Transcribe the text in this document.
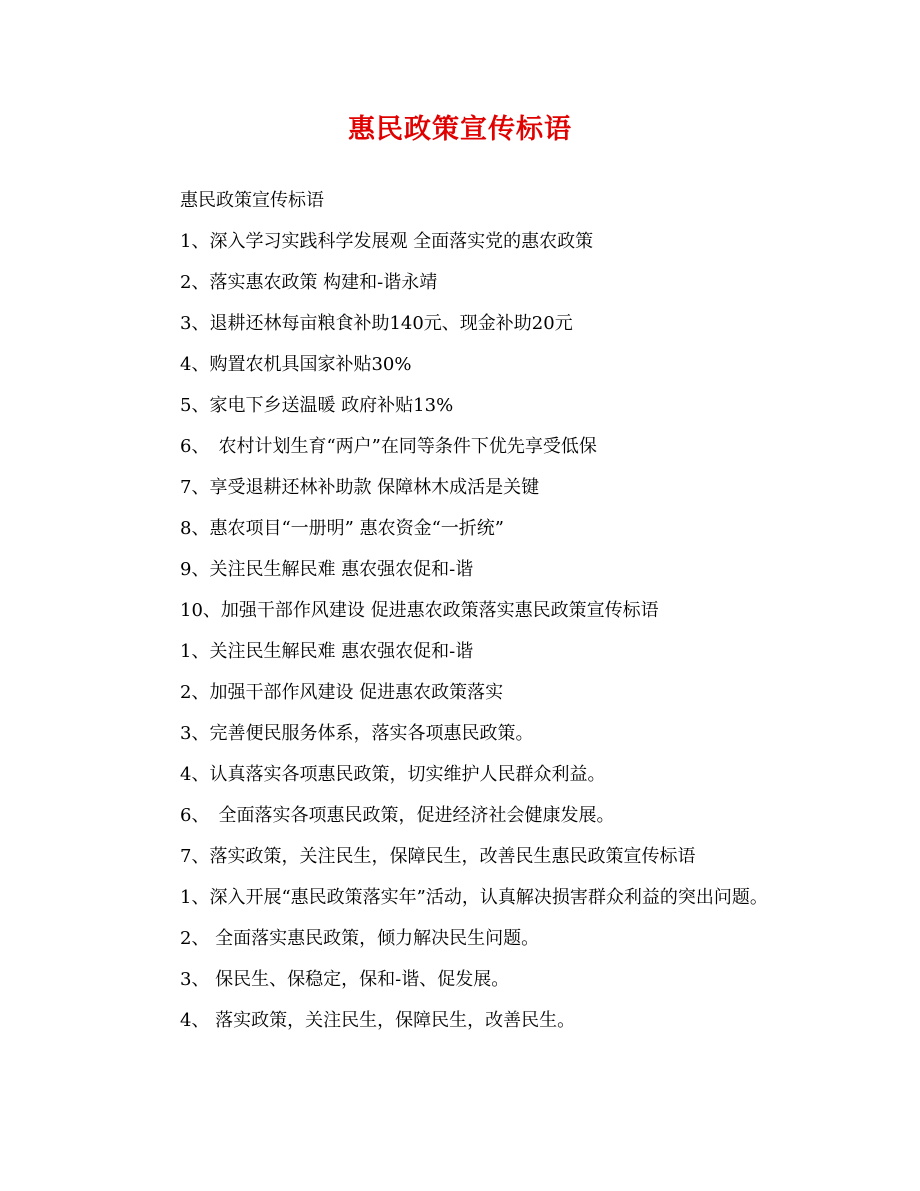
惠民政策宣传标语
惠民政策宣传标语
1、深入学习实践科学发展观 全面落实党的惠农政策
2、落实惠农政策 构建和-谐永靖
3、退耕还林每亩粮食补助140元、现金补助20元
4、购置农机具国家补贴30%
5、家电下乡送温暖 政府补贴13%
6、　农村计划生育“两户”在同等条件下优先享受低保
7、享受退耕还林补助款 保障林木成活是关键
8、惠农项目“一册明” 惠农资金“一折统”
9、关注民生解民难 惠农强农促和-谐
10、加强干部作风建设 促进惠农政策落实惠民政策宣传标语
1、关注民生解民难 惠农强农促和-谐
2、加强干部作风建设 促进惠农政策落实
3、完善便民服务体系，落实各项惠民政策。
4、认真落实各项惠民政策，切实维护人民群众利益。
6、　全面落实各项惠民政策，促进经济社会健康发展。
7、落实政策，关注民生，保障民生，改善民生惠民政策宣传标语
1、深入开展“惠民政策落实年”活动，认真解决损害群众利益的突出问题。
2、 全面落实惠民政策，倾力解决民生问题。
3、 保民生、保稳定，保和-谐、促发展。
4、 落实政策，关注民生，保障民生，改善民生。
